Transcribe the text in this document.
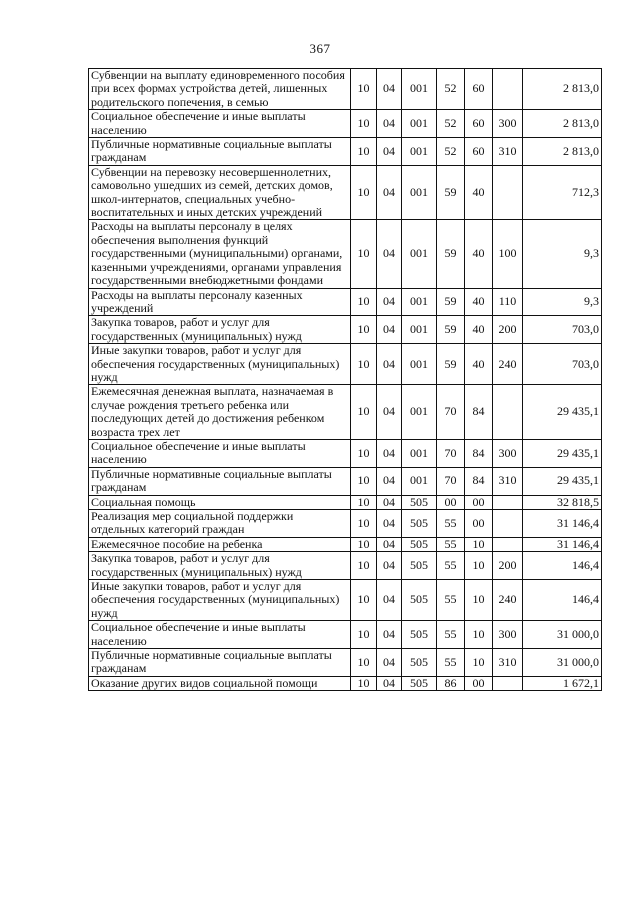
367
Субвенции на выплату единовременного пособия при всех формах устройства детей, лишенных родительского попечения, в семью	10	04	001	52	60		2 813,0
Социальное обеспечение и иные выплаты населению	10	04	001	52	60	300	2 813,0
Публичные нормативные социальные выплаты гражданам	10	04	001	52	60	310	2 813,0
Субвенции на перевозку несовершеннолетних, самовольно ушедших из семей, детских домов, школ-интернатов, специальных учебно-воспитательных и иных детских учреждений	10	04	001	59	40		712,3
Расходы на выплаты персоналу в целях обеспечения выполнения функций государственными (муниципальными) органами, казенными учреждениями, органами управления государственными внебюджетными фондами	10	04	001	59	40	100	9,3
Расходы на выплаты персоналу казенных учреждений	10	04	001	59	40	110	9,3
Закупка товаров, работ и услуг для государственных (муниципальных) нужд	10	04	001	59	40	200	703,0
Иные закупки товаров, работ и услуг для обеспечения государственных (муниципальных) нужд	10	04	001	59	40	240	703,0
Ежемесячная денежная выплата, назначаемая в случае рождения третьего ребенка или последующих детей до достижения ребенком возраста трех лет	10	04	001	70	84		29 435,1
Социальное обеспечение и иные выплаты населению	10	04	001	70	84	300	29 435,1
Публичные нормативные социальные выплаты гражданам	10	04	001	70	84	310	29 435,1
Социальная помощь	10	04	505	00	00		32 818,5
Реализация мер социальной поддержки отдельных категорий граждан	10	04	505	55	00		31 146,4
Ежемесячное пособие на ребенка	10	04	505	55	10		31 146,4
Закупка товаров, работ и услуг для государственных (муниципальных) нужд	10	04	505	55	10	200	146,4
Иные закупки товаров, работ и услуг для обеспечения государственных (муниципальных) нужд	10	04	505	55	10	240	146,4
Социальное обеспечение и иные выплаты населению	10	04	505	55	10	300	31 000,0
Публичные нормативные социальные выплаты гражданам	10	04	505	55	10	310	31 000,0
Оказание других видов социальной помощи	10	04	505	86	00		1 672,1
